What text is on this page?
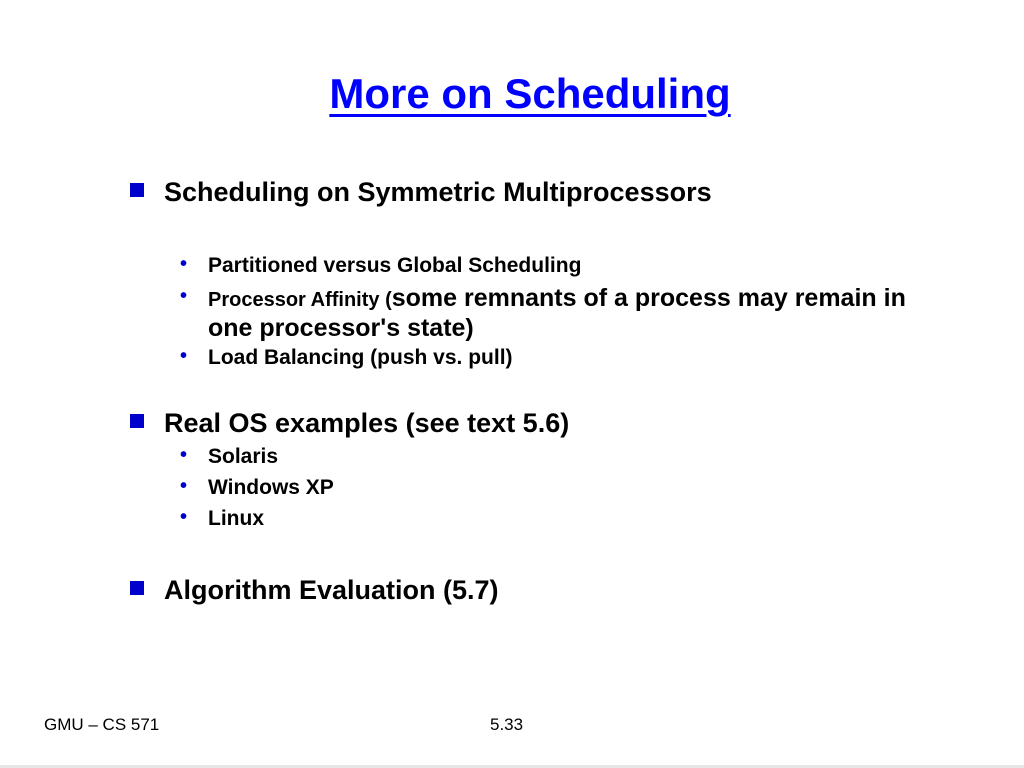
More on Scheduling
Scheduling on Symmetric Multiprocessors
• Partitioned versus Global Scheduling
•	Processor Affinity (some remnants of a process may remain in one processor's state)
• Load Balancing (push vs. pull)
Real OS examples (see text 5.6)
• Solaris
• Windows XP
• Linux
Algorithm Evaluation (5.7)
GMU – CS 571	5.33
